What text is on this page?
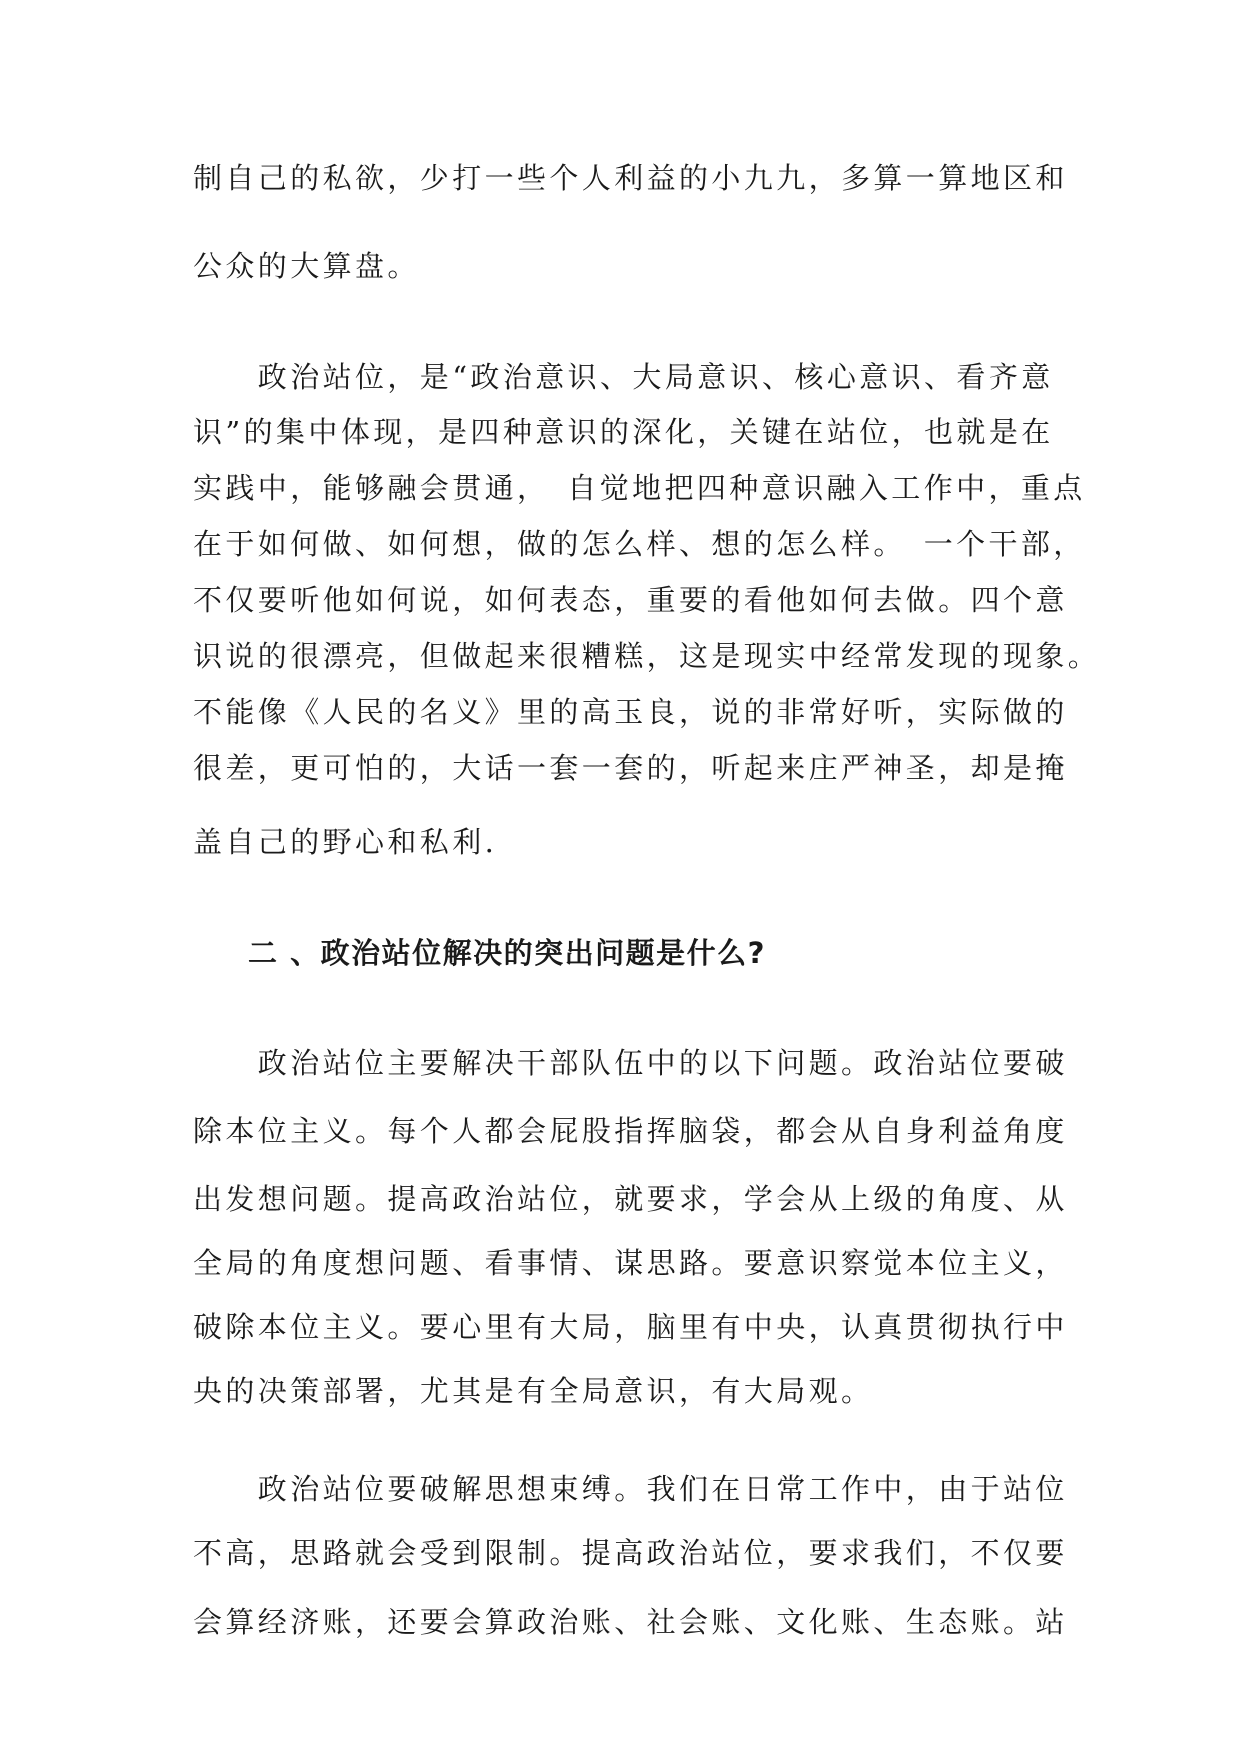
制自己的私欲，少打一些个人利益的小九九，多算一算地区和

公众的大算盘。

　　政治站位，是“政治意识、大局意识、核心意识、看齐意

识”的集中体现，是四种意识的深化，关键在站位，也就是在

实践中，能够融会贯通，　自觉地把四种意识融入工作中，重点

在于如何做、如何想，做的怎么样、想的怎么样。　一个干部，

不仅要听他如何说，如何表态，重要的看他如何去做。四个意

识说的很漂亮，但做起来很糟糕，这是现实中经常发现的现象。

不能像《人民的名义》里的高玉良，说的非常好听，实际做的

很差，更可怕的，大话一套一套的，听起来庄严神圣，却是掩

盖自己的野心和私利.

二 、政治站位解决的突出问题是什么?

　　政治站位主要解决干部队伍中的以下问题。政治站位要破

除本位主义。每个人都会屁股指挥脑袋，都会从自身利益角度

出发想问题。提高政治站位，就要求，学会从上级的角度、从

全局的角度想问题、看事情、谋思路。要意识察觉本位主义，

破除本位主义。要心里有大局，脑里有中央，认真贯彻执行中

央的决策部署，尤其是有全局意识，有大局观。

　　政治站位要破解思想束缚。我们在日常工作中，由于站位

不高，思路就会受到限制。提高政治站位，要求我们，不仅要

会算经济账，还要会算政治账、社会账、文化账、生态账。站
